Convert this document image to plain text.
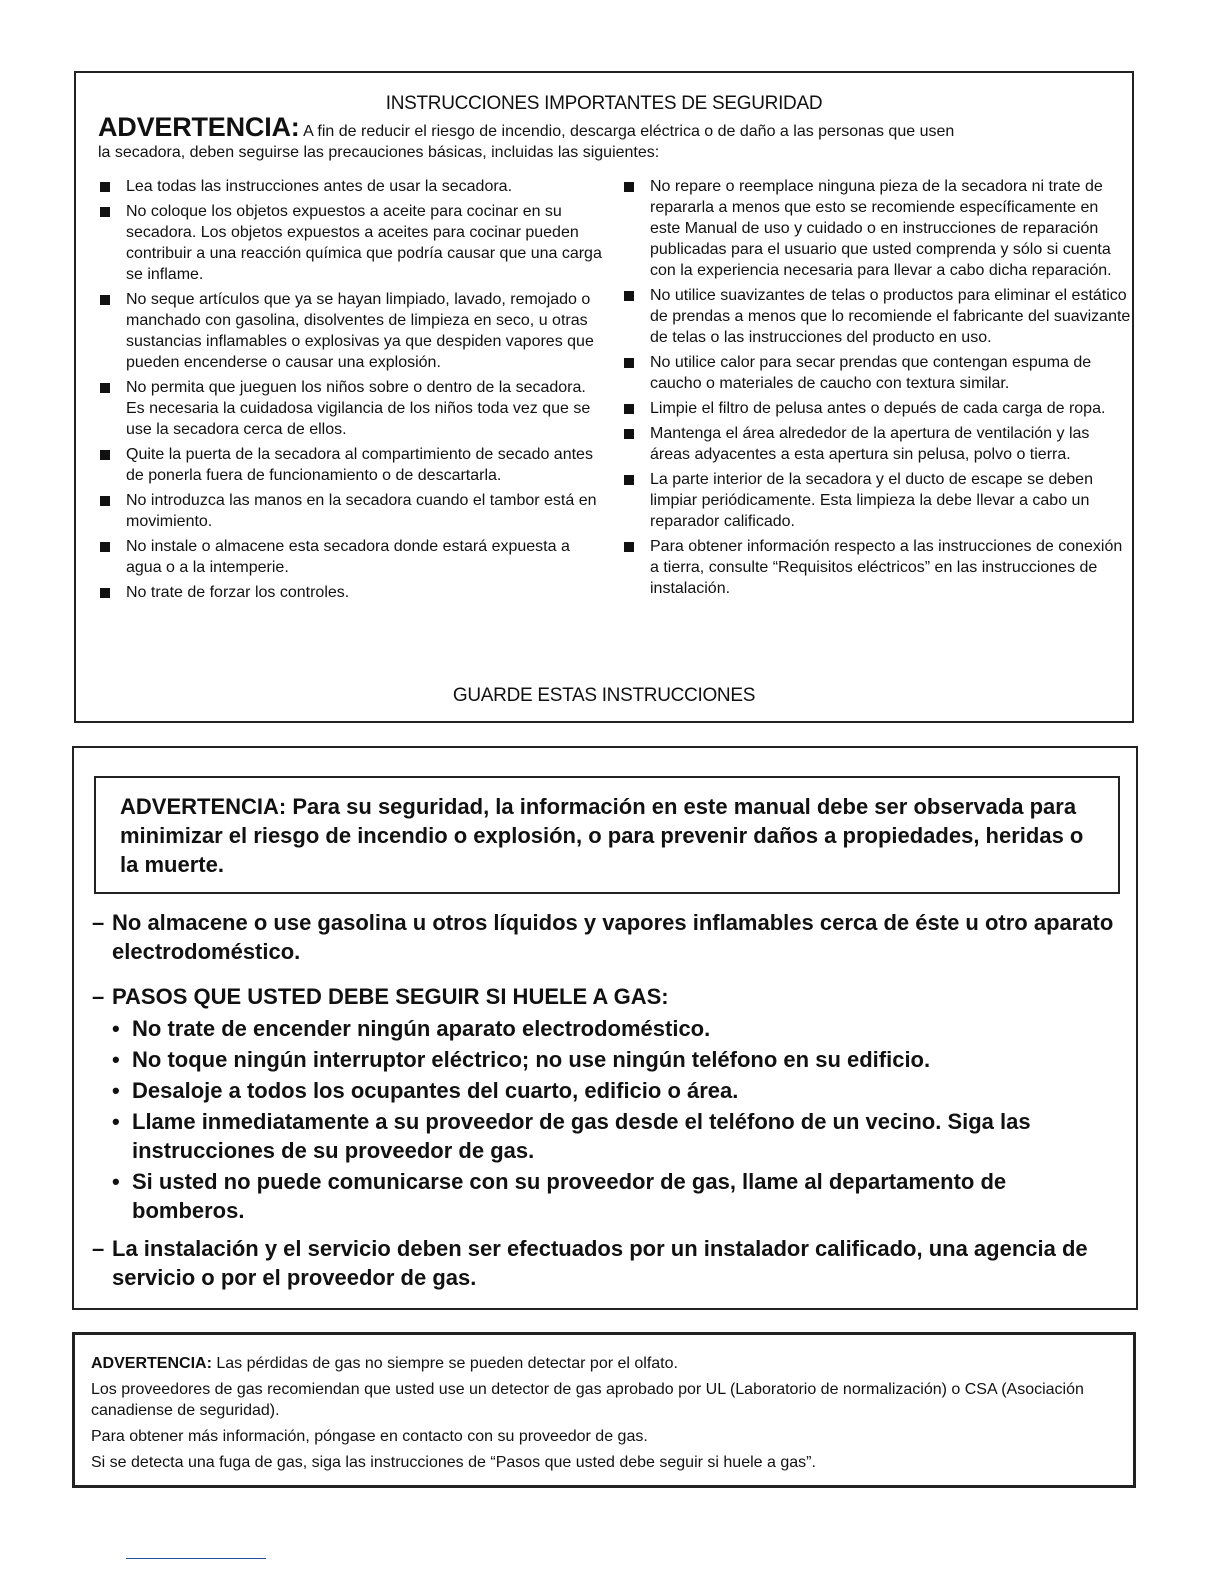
INSTRUCCIONES IMPORTANTES DE SEGURIDAD
ADVERTENCIA: A fin de reducir el riesgo de incendio, descarga eléctrica o de daño a las personas que usen
la secadora, deben seguirse las precauciones básicas, incluidas las siguientes:
Lea todas las instrucciones antes de usar la secadora.
No coloque los objetos expuestos a aceite para cocinar en su secadora. Los objetos expuestos a aceites para cocinar pueden contribuir a una reacción química que podría causar que una carga se inflame.
No seque artículos que ya se hayan limpiado, lavado, remojado o manchado con gasolina, disolventes de limpieza en seco, u otras sustancias inflamables o explosivas ya que despiden vapores que pueden encenderse o causar una explosión.
No permita que jueguen los niños sobre o dentro de la secadora. Es necesaria la cuidadosa vigilancia de los niños toda vez que se use la secadora cerca de ellos.
Quite la puerta de la secadora al compartimiento de secado antes de ponerla fuera de funcionamiento o de descartarla.
No introduzca las manos en la secadora cuando el tambor está en movimiento.
No instale o almacene esta secadora donde estará expuesta a agua o a la intemperie.
No trate de forzar los controles.
No repare o reemplace ninguna pieza de la secadora ni trate de repararla a menos que esto se recomiende específicamente en este Manual de uso y cuidado o en instrucciones de reparación publicadas para el usuario que usted comprenda y sólo si cuenta con la experiencia necesaria para llevar a cabo dicha reparación.
No utilice suavizantes de telas o productos para eliminar el estático de prendas a menos que lo recomiende el fabricante del suavizante de telas o las instrucciones del producto en uso.
No utilice calor para secar prendas que contengan espuma de caucho o materiales de caucho con textura similar.
Limpie el filtro de pelusa antes o depués de cada carga de ropa.
Mantenga el área alrededor de la apertura de ventilación y las áreas adyacentes a esta apertura sin pelusa, polvo o tierra.
La parte interior de la secadora y el ducto de escape se deben limpiar periódicamente. Esta limpieza la debe llevar a cabo un reparador calificado.
Para obtener información respecto a las instrucciones de conexión a tierra, consulte “Requisitos eléctricos” en las instrucciones de instalación.
GUARDE ESTAS INSTRUCCIONES
ADVERTENCIA: Para su seguridad, la información en este manual debe ser observada para minimizar el riesgo de incendio o explosión, o para prevenir daños a propiedades, heridas o la muerte.
– No almacene o use gasolina u otros líquidos y vapores inflamables cerca de éste u otro aparato electrodoméstico.
– PASOS QUE USTED DEBE SEGUIR SI HUELE A GAS:
• No trate de encender ningún aparato electrodoméstico.
• No toque ningún interruptor eléctrico; no use ningún teléfono en su edificio.
• Desaloje a todos los ocupantes del cuarto, edificio o área.
• Llame inmediatamente a su proveedor de gas desde el teléfono de un vecino. Siga las instrucciones de su proveedor de gas.
• Si usted no puede comunicarse con su proveedor de gas, llame al departamento de bomberos.
– La instalación y el servicio deben ser efectuados por un instalador calificado, una agencia de servicio o por el proveedor de gas.

ADVERTENCIA: Las pérdidas de gas no siempre se pueden detectar por el olfato.

Los proveedores de gas recomiendan que usted use un detector de gas aprobado por UL (Laboratorio de normalización) o CSA (Asociación canadiense de seguridad).

Para obtener más información, póngase en contacto con su proveedor de gas.

Si se detecta una fuga de gas, siga las instrucciones de “Pasos que usted debe seguir si huele a gas”.
